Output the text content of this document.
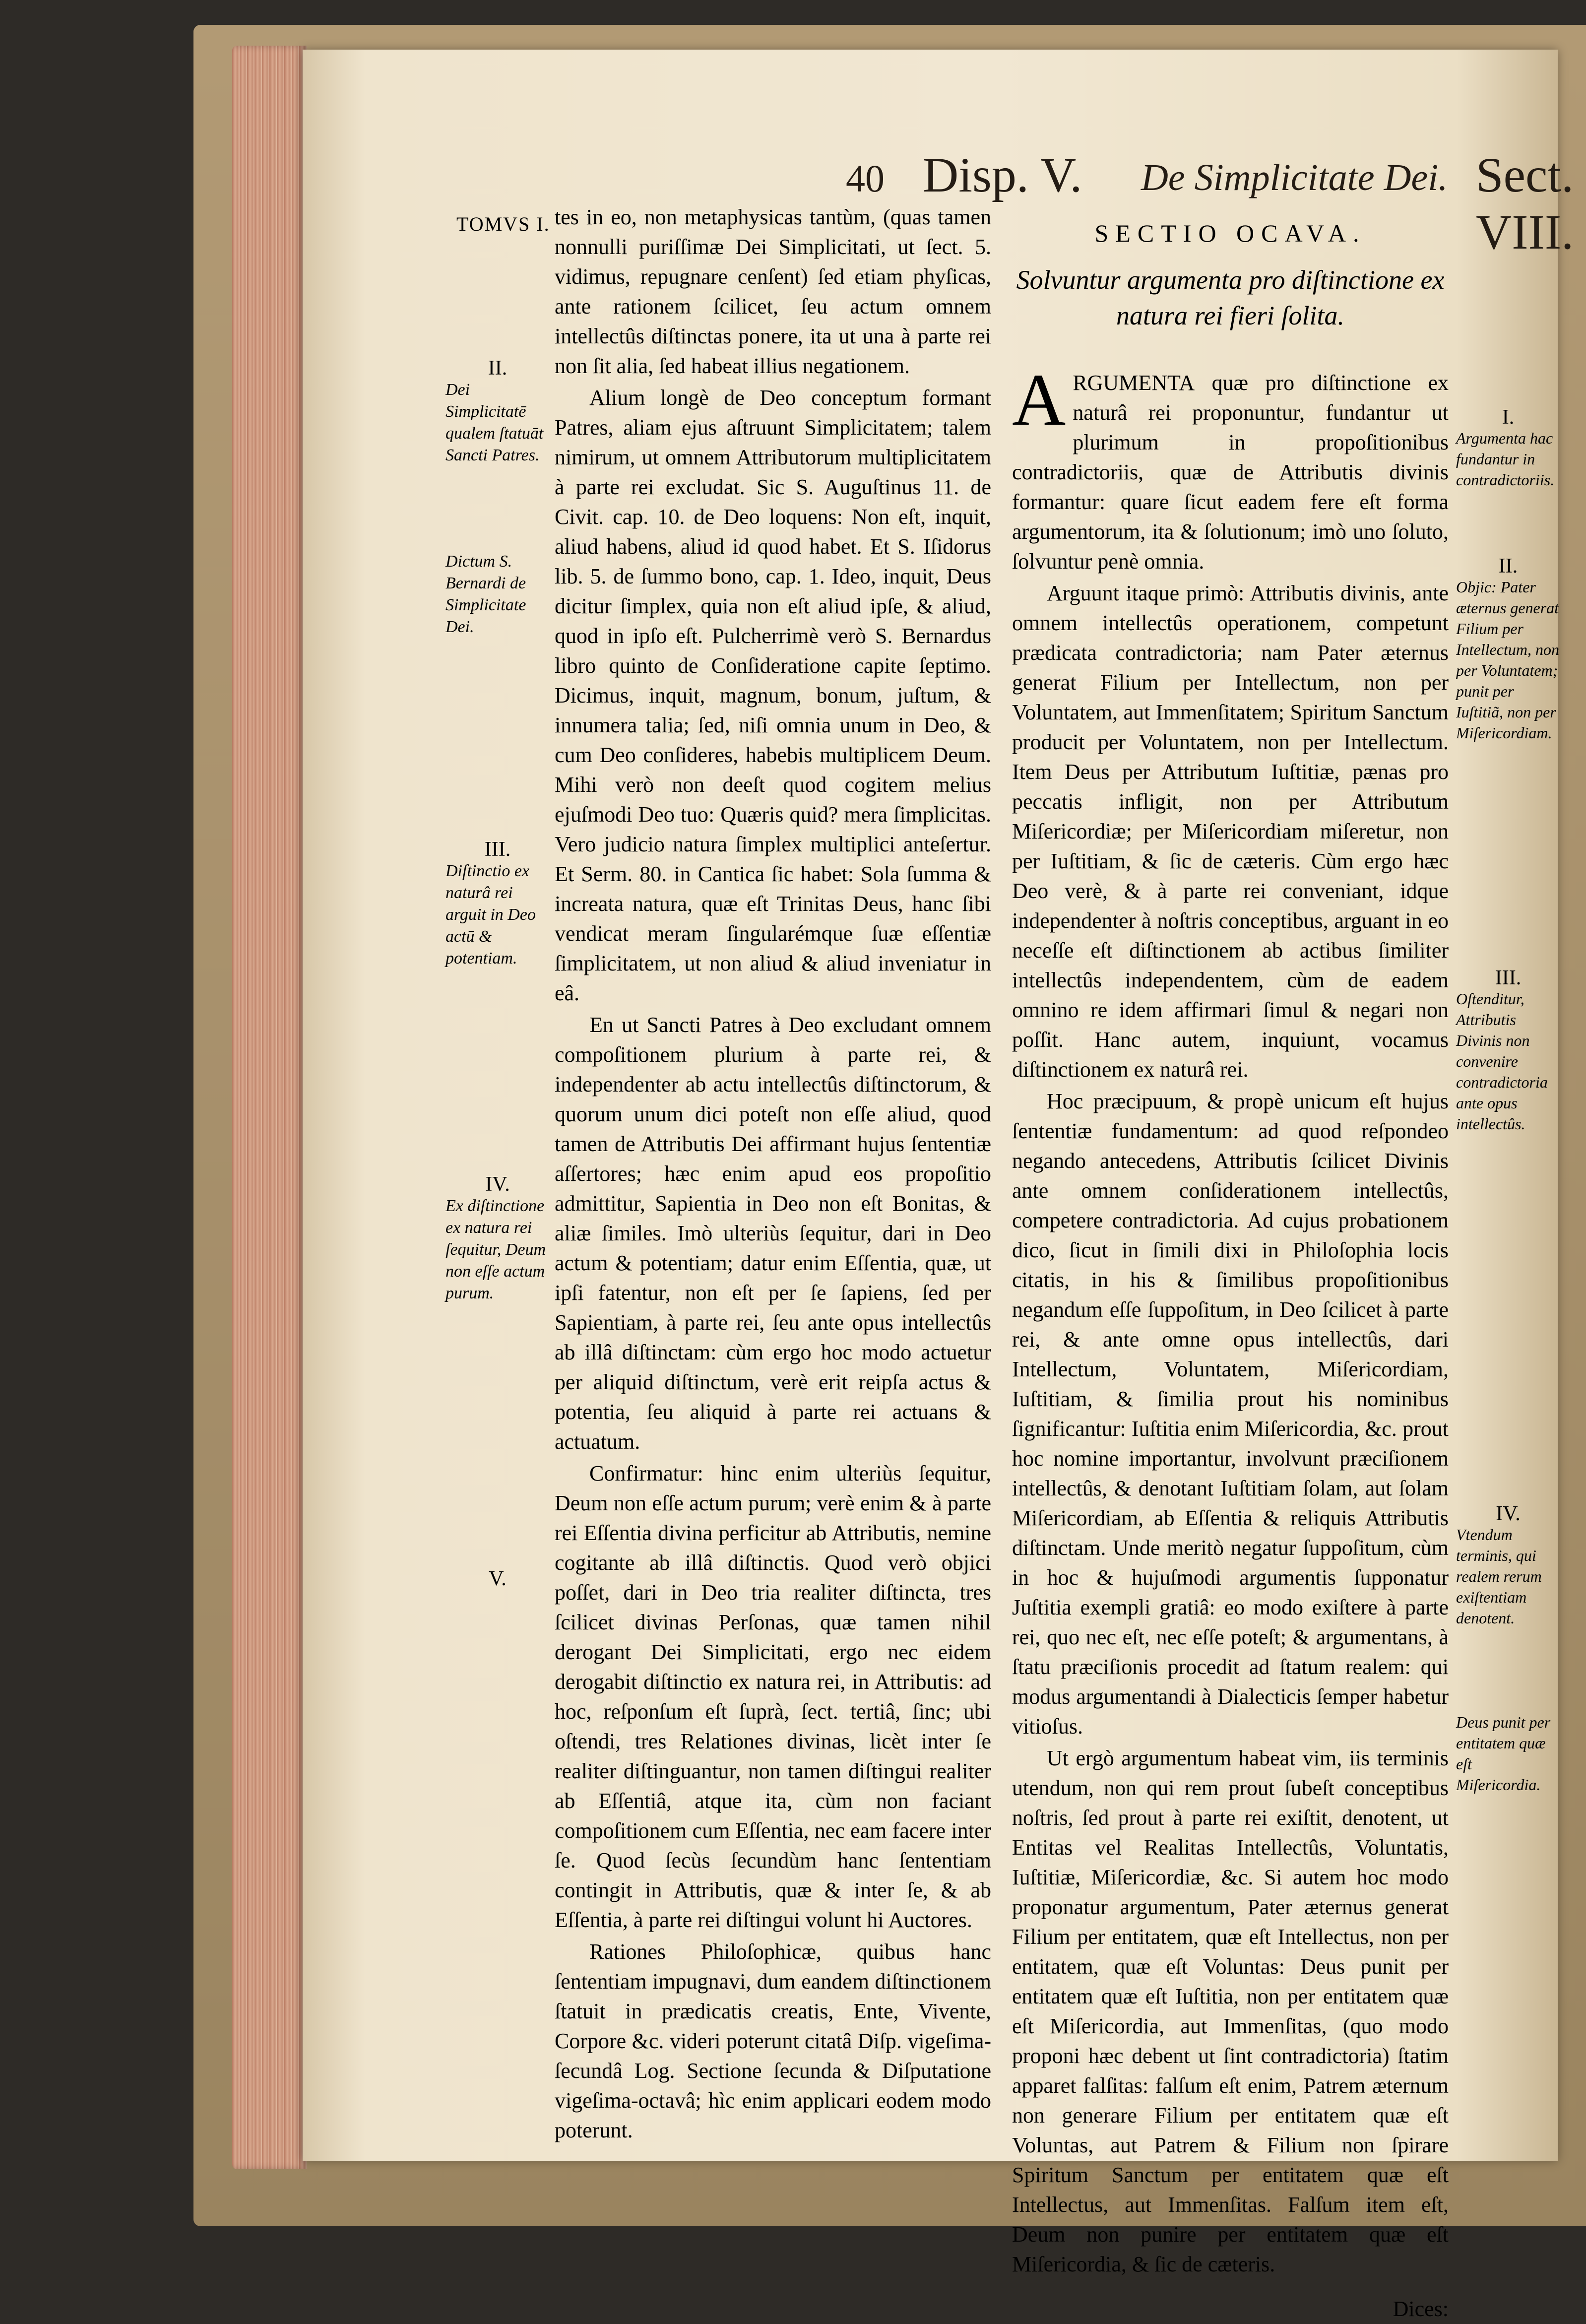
40 Disp. V. De Simplicitate Dei. Sect. VIII.
TOMVS I. tes in eo, non metaphysicas tantùm, (quas tamen nonnulli puriſſimæ Dei Simplicitati, ut ſect. 5. vidimus, repugnare cenſent) ſed etiam phyſicas, ante rationem ſcilicet, ſeu actum omnem intellectûs diſtinctas ponere, ita ut una à parte rei non ſit alia, ſed habeat illius negationem.

Alium longè de Deo conceptum formant Patres, aliam ejus aſtruunt Simplicitatem; talem nimirum, ut omnem Attributorum multiplicitatem à parte rei excludat. Sic S. Auguſtinus 11. de Civit. cap. 10. de Deo loquens: Non eſt, inquit, aliud habens, aliud id quod habet. Et S. Iſidorus lib. 5. de ſummo bono, cap. 1. Ideo, inquit, Deus dicitur ſimplex, quia non eſt aliud ipſe, & aliud, quod in ipſo eſt. Pulcherrimè verò S. Bernardus libro quinto de Conſideratione capite ſeptimo. Dicimus, inquit, magnum, bonum, juſtum, & innumera talia; ſed, niſi omnia unum in Deo, & cum Deo conſideres, habebis multiplicem Deum. Mihi verò non deeſt quod cogitem melius ejuſmodi Deo tuo: Quæris quid? mera ſimplicitas. Vero judicio natura ſimplex multiplici anteſertur. Et Serm. 80. in Cantica ſic habet: Sola ſumma & increata natura, quæ eſt Trinitas Deus, hanc ſibi vendicat meram ſingularémque ſuæ eſſentiæ ſimplicitatem, ut non aliud & aliud inveniatur in eâ.

En ut Sancti Patres à Deo excludant omnem compoſitionem plurium à parte rei, & independenter ab actu intellectûs diſtinctorum, & quorum unum dici poteſt non eſſe aliud, quod tamen de Attributis Dei affirmant hujus ſententiæ aſſertores; hæc enim apud eos propoſitio admittitur, Sapientia in Deo non eſt Bonitas, & aliæ ſimiles. Imò ulteriùs ſequitur, dari in Deo actum & potentiam; datur enim Eſſentia, quæ, ut ipſi fatentur, non eſt per ſe ſapiens, ſed per Sapientiam, à parte rei, ſeu ante opus intellectûs ab illâ diſtinctam: cùm ergo hoc modo actuetur per aliquid diſtinctum, verè erit reipſa actus & potentia, ſeu aliquid à parte rei actuans & actuatum.

Confirmatur: hinc enim ulteriùs ſequitur, Deum non eſſe actum purum; verè enim & à parte rei Eſſentia divina perficitur ab Attributis, nemine cogitante ab illâ diſtinctis. Quod verò objici poſſet, dari in Deo tria realiter diſtincta, tres ſcilicet divinas Perſonas, quæ tamen nihil derogant Dei Simplicitati, ergo nec eidem derogabit diſtinctio ex natura rei, in Attributis: ad hoc, reſponſum eſt ſuprà, ſect. tertiâ, ſinc; ubi oſtendi, tres Relationes divinas, licèt inter ſe realiter diſtinguantur, non tamen diſtingui realiter ab Eſſentiâ, atque ita, cùm non faciant compoſitionem cum Eſſentia, nec eam facere inter ſe. Quod ſecùs ſecundùm hanc ſententiam contingit in Attributis, quæ & inter ſe, & ab Eſſentia, à parte rei diſtingui volunt hi Auctores.

Rationes Philoſophicæ, quibus hanc ſententiam impugnavi, dum eandem diſtinctionem ſtatuit in prædicatis creatis, Ente, Vivente, Corpore &c. videri poterunt citatâ Diſp. vigeſima-ſecundâ Log. Sectione ſecunda & Diſputatione vigeſima-octavâ; hìc enim applicari eodem modo poterunt.

II.
Dei Simplicitatē qualem ſtatuāt Sancti Patres.
Dictum S. Bernardi de Simplicitate Dei.
III.
Diſtinctio ex naturâ rei arguit in Deo actū & potentiam.
IV.
Ex diſtinctione ex natura rei ſequitur, Deum non eſſe actum purum.
V.
SECTIO OCAVA.
Solvuntur argumenta pro diſtinctione ex natura rei fieri ſolita.

ARGUMENTA quæ pro diſtinctione ex naturâ rei proponuntur, fundantur ut plurimum in propoſitionibus contradictoriis, quæ de Attributis divinis formantur: quare ſicut eadem fere eſt forma argumentorum, ita & ſolutionum; imò uno ſoluto, ſolvuntur penè omnia.

Arguunt itaque primò: Attributis divinis, ante omnem intellectûs operationem, competunt prædicata contradictoria; nam Pater æternus generat Filium per Intellectum, non per Voluntatem, aut Immenſitatem; Spiritum Sanctum producit per Voluntatem, non per Intellectum. Item Deus per Attributum Iuſtitiæ, pænas pro peccatis infligit, non per Attributum Miſericordiæ; per Miſericordiam miſeretur, non per Iuſtitiam, & ſic de cæteris. Cùm ergo hæc Deo verè, & à parte rei conveniant, idque independenter à noſtris conceptibus, arguant in eo neceſſe eſt diſtinctionem ab actibus ſimiliter intellectûs independentem, cùm de eadem omnino re idem affirmari ſimul & negari non poſſit. Hanc autem, inquiunt, vocamus diſtinctionem ex naturâ rei.

Hoc præcipuum, & propè unicum eſt hujus ſententiæ fundamentum: ad quod reſpondeo negando antecedens, Attributis ſcilicet Divinis ante omnem conſiderationem intellectûs, competere contradictoria. Ad cujus probationem dico, ſicut in ſimili dixi in Philoſophia locis citatis, in his & ſimilibus propoſitionibus negandum eſſe ſuppoſitum, in Deo ſcilicet à parte rei, & ante omne opus intellectûs, dari Intellectum, Voluntatem, Miſericordiam, Iuſtitiam, & ſimilia prout his nominibus ſignificantur: Iuſtitia enim Miſericordia, &c. prout hoc nomine importantur, involvunt præciſionem intellectûs, & denotant Iuſtitiam ſolam, aut ſolam Miſericordiam, ab Eſſentia & reliquis Attributis diſtinctam. Unde meritò negatur ſuppoſitum, cùm in hoc & hujuſmodi argumentis ſupponatur Juſtitia exempli gratiâ: eo modo exiſtere à parte rei, quo nec eſt, nec eſſe poteſt; & argumentans, à ſtatu præciſionis procedit ad ſtatum realem: qui modus argumentandi à Dialecticis ſemper habetur vitioſus.

Ut ergò argumentum habeat vim, iis terminis utendum, non qui rem prout ſubeſt conceptibus noſtris, ſed prout à parte rei exiſtit, denotent, ut Entitas vel Realitas Intellectûs, Voluntatis, Iuſtitiæ, Miſericordiæ, &c. Si autem hoc modo proponatur argumentum, Pater æternus generat Filium per entitatem, quæ eſt Intellectus, non per entitatem, quæ eſt Voluntas: Deus punit per entitatem quæ eſt Iuſtitia, non per entitatem quæ eſt Miſericordia, aut Immenſitas, (quo modo proponi hæc debent ut ſint contradictoria) ſtatim apparet falſitas: falſum eſt enim, Patrem æternum non generare Filium per entitatem quæ eſt Voluntas, aut Patrem & Filium non ſpirare Spiritum Sanctum per entitatem quæ eſt Intellectus, aut Immenſitas. Falſum item eſt, Deum non punire per entitatem quæ eſt Miſericordia, & ſic de cæteris.

Dices:
I.
Argumenta hac fundantur in contradictoriis.
II.
Objic: Pater æternus generat Filium per Intellectum, non per Voluntatem; punit per Iuſtitiã, non per Miſericordiam.
III.
Oſtenditur, Attributis Divinis non convenire contradictoria ante opus intellectûs.
IV.
Vtendum terminis, qui realem rerum exiſtentiam denotent.
Deus punit per entitatem quæ eſt Miſericordia.
